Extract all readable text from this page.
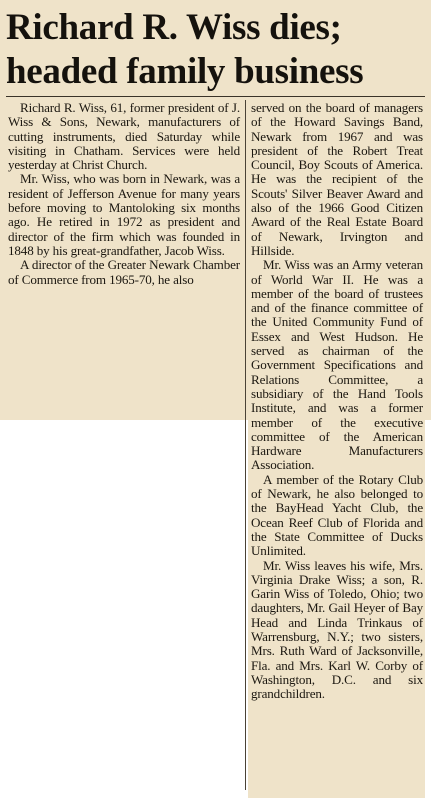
Richard R. Wiss dies;
headed family business

Richard R. Wiss, 61, former president of J. Wiss & Sons, Newark, manufacturers of cutting instruments, died Saturday while visiting in Chatham. Services were held yesterday at Christ Church.

Mr. Wiss, who was born in Newark, was a resident of Jefferson Avenue for many years before moving to Mantoloking six months ago. He retired in 1972 as president and director of the firm which was founded in 1848 by his great-grandfather, Jacob Wiss.

A director of the Greater Newark Chamber of Commerce from 1965-70, he also

served on the board of managers of the Howard Savings Band, Newark from 1967 and was president of the Robert Treat Council, Boy Scouts of America. He was the recipient of the Scouts' Silver Beaver Award and also of the 1966 Good Citizen Award of the Real Estate Board of Newark, Irvington and Hillside.

Mr. Wiss was an Army veteran of World War II. He was a member of the board of trustees and of the finance committee of the United Community Fund of Essex and West Hudson. He served as chairman of the Government Specifications and Relations Committee, a subsidiary of the Hand Tools Institute, and was a former member of the executive committee of the American Hardware Manufacturers Association.

A member of the Rotary Club of Newark, he also belonged to the BayHead Yacht Club, the Ocean Reef Club of Florida and the State Committee of Ducks Unlimited.

Mr. Wiss leaves his wife, Mrs. Virginia Drake Wiss; a son, R. Garin Wiss of Toledo, Ohio; two daughters, Mr. Gail Heyer of Bay Head and Linda Trinkaus of Warrensburg, N.Y.; two sisters, Mrs. Ruth Ward of Jacksonville, Fla. and Mrs. Karl W. Corby of Washington, D.C. and six grandchildren.
